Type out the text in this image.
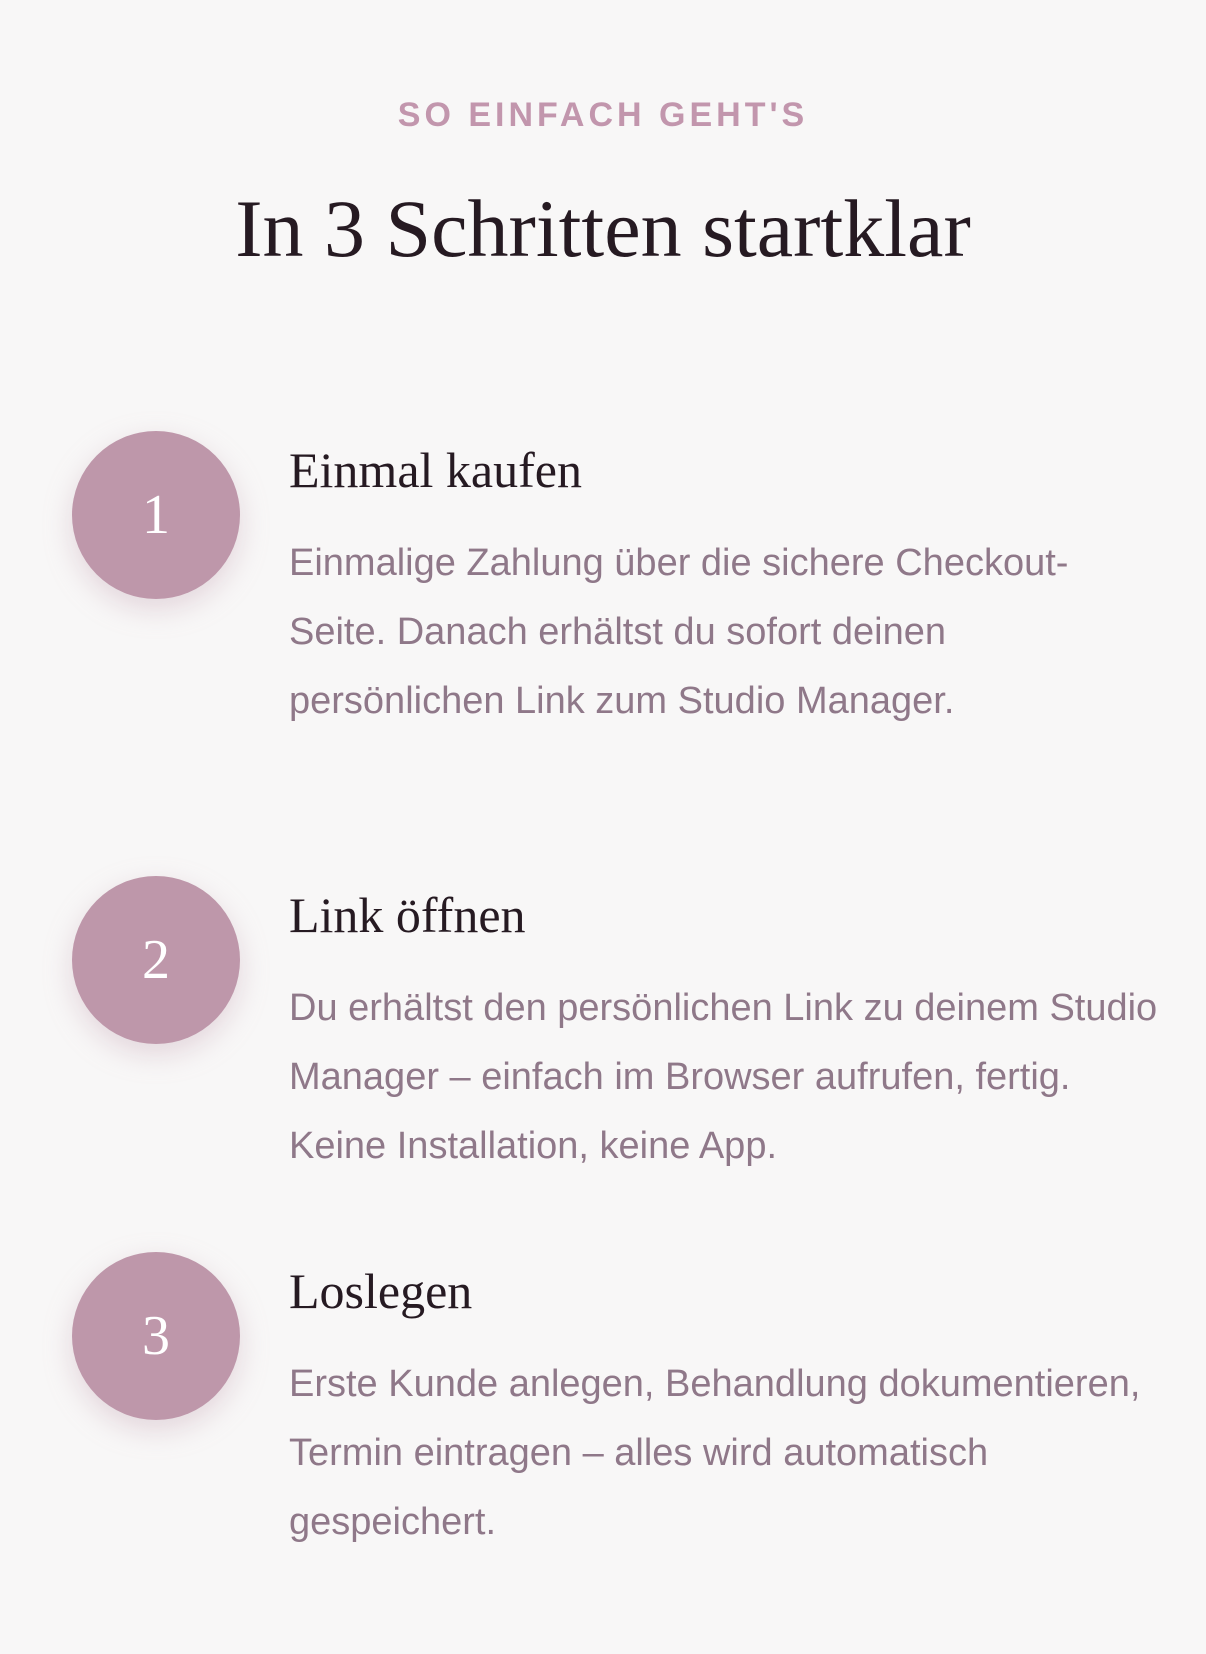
SO EINFACH GEHT'S
In 3 Schritten startklar
1
Einmal kaufen

Einmalige Zahlung über die sichere Checkout-Seite. Danach erhältst du sofort deinen persönlichen Link zum Studio Manager.

2
Link öffnen

Du erhältst den persönlichen Link zu deinem Studio Manager – einfach im Browser aufrufen, fertig. Keine Installation, keine App.

3
Loslegen

Erste Kunde anlegen, Behandlung dokumentieren, Termin eintragen – alles wird automatisch gespeichert.
